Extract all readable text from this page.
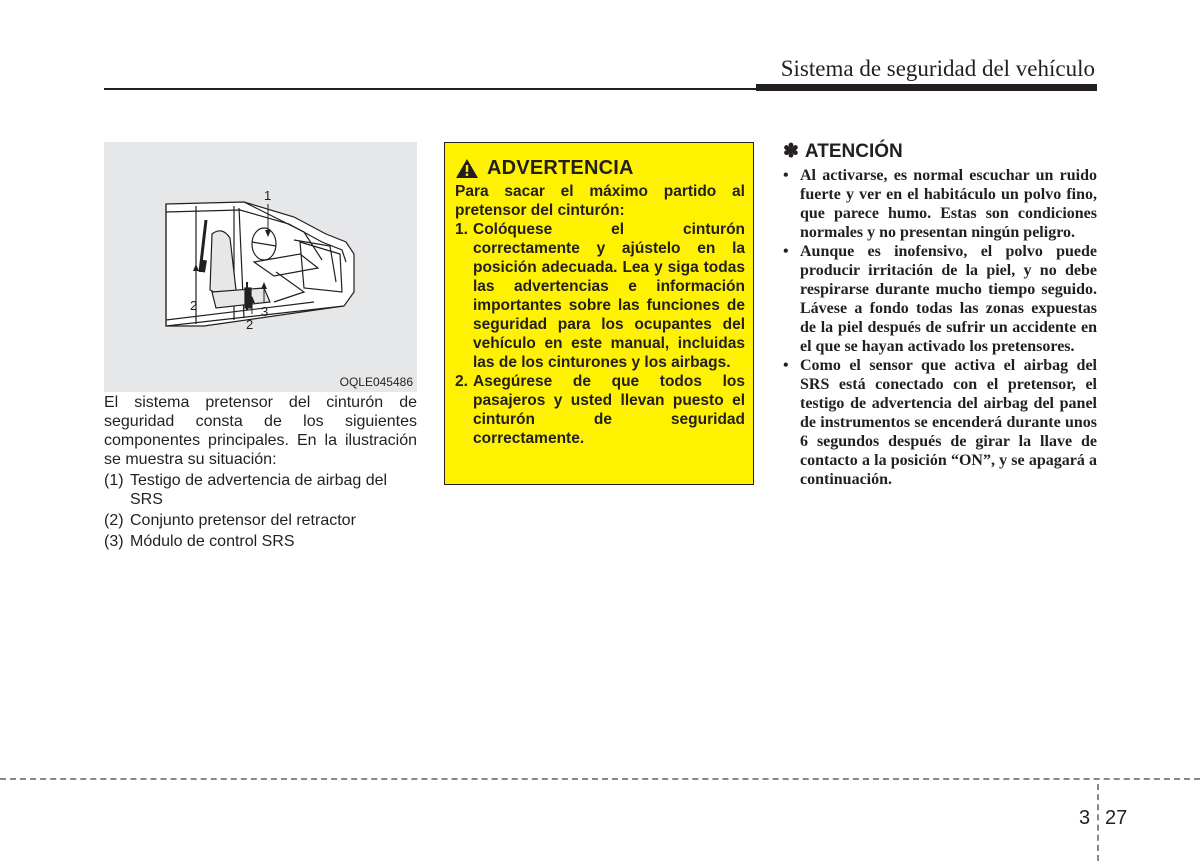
Sistema de seguridad del vehículo
1
2
2
3
OQLE045486

El sistema pretensor del cinturón de seguridad consta de los siguientes componentes principales. En la ilustración se muestra su situación:

(1) Testigo de advertencia de airbag del SRS
(2) Conjunto pretensor del retractor
(3) Módulo de control SRS
ADVERTENCIA

Para sacar el máximo partido al pretensor del cinturón:

1. Colóquese el cinturón correctamente y ajústelo en la posición adecuada. Lea y siga todas las advertencias e información importantes sobre las funciones de seguridad para los ocupantes del vehículo en este manual, incluidas las de los cinturones y los airbags.
2. Asegúrese de que todos los pasajeros y usted llevan puesto el cinturón de seguridad correctamente.
✽ ATENCIÓN
• Al activarse, es normal escuchar un ruido fuerte y ver en el habitáculo un polvo fino, que parece humo. Estas son condiciones normales y no presentan ningún peligro.
• Aunque es inofensivo, el polvo puede producir irritación de la piel, y no debe respirarse durante mucho tiempo seguido. Lávese a fondo todas las zonas expuestas de la piel después de sufrir un accidente en el que se hayan activado los pretensores.
• Como el sensor que activa el airbag del SRS está conectado con el pretensor, el testigo de advertencia del airbag del panel de instrumentos se encenderá durante unos 6 segundos después de girar la llave de contacto a la posición “ON”, y se apagará a continuación.
3 27
